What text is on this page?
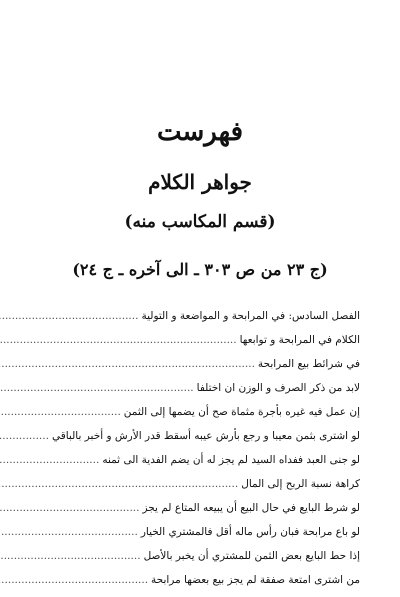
فهرست
جواهر الكلام
(قسم المكاسب منه)
(ج ٢٣ من ص ٣٠٣ ـ الى آخره ـ ج ٢٤)
الفصل السادس: في المرابحة و المواضعة و التولية
.....
الكلام في المرابحة و توابعها
.....
في شرائط بيع المرابحة
.....
لابد من ذكر الصرف و الوزن ان اختلفا
.....
إن عمل فيه غيره بأجرة مثماة صح أن يضمها إلى الثمن
.....
لو اشترى بثمن معيبا و رجع بأرش عيبه أسقط قدر الأرش و أخبر بالباقي
.....
لو جنى العبد ففداه السيد لم يجز له أن يضم الفدية الى ثمنه
.....
كراهة نسبة الربح إلى المال
.....
لو شرط البايع في حال البيع أن يبيعه المتاع لم يجز
.....
لو باع مرابحة فبان رأس ماله أقل فالمشتري الخيار
.....
إذا حط البايع بعض الثمن للمشتري أن يخبر بالأصل
.....
من اشترى امتعة صفقة لم يجز بيع بعضها مرابحة
.....
